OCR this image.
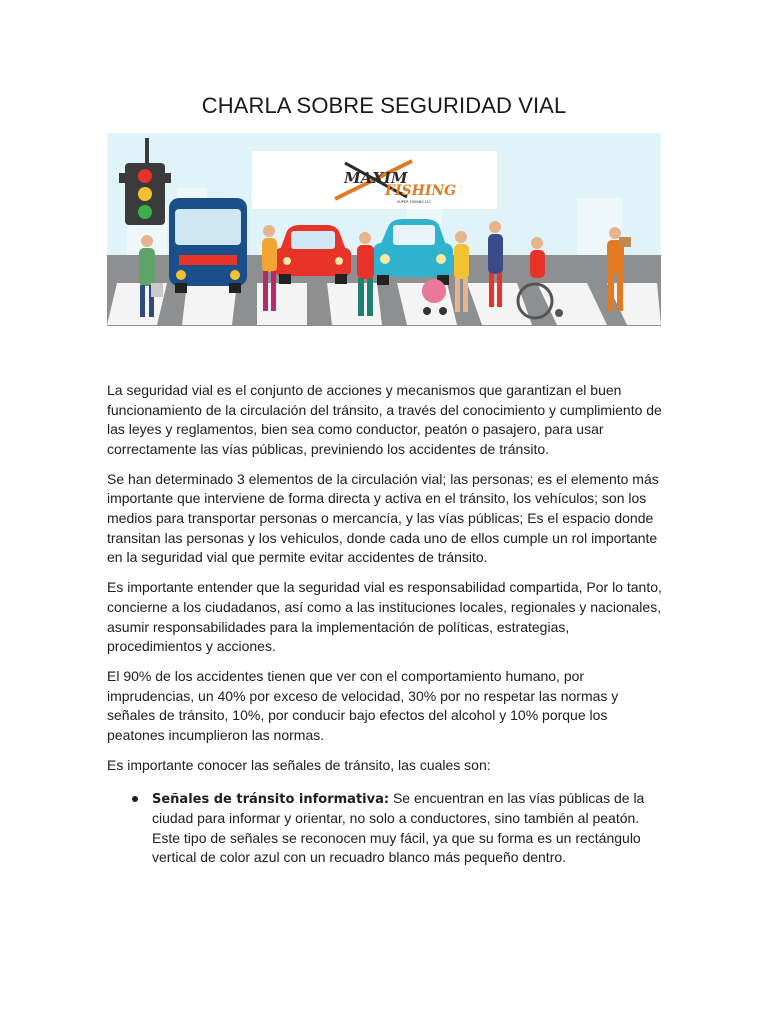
CHARLA SOBRE SEGURIDAD VIAL
MAXIM
FISHING
SUPER FISHING LLC

La seguridad vial es el conjunto de acciones y mecanismos que garantizan el buen funcionamiento de la circulación del tránsito, a través del conocimiento y cumplimiento de las leyes y reglamentos, bien sea como conductor, peatón o pasajero, para usar correctamente las vías públicas, previniendo los accidentes de tránsito.

Se han determinado 3 elementos de la circulación vial; las personas; es el elemento más importante que interviene de forma directa y activa en el tránsito, los vehículos; son los medios para transportar personas o mercancía, y las vías públicas; Es el espacio donde transitan las personas y los vehiculos, donde cada uno de ellos cumple un rol importante en la seguridad vial que permite evitar accidentes de tránsito.

Es importante entender que la seguridad vial es responsabilidad compartida, Por lo tanto, concierne a los ciudadanos, así como a las instituciones locales, regionales y nacionales, asumir responsabilidades para la implementación de políticas, estrategias, procedimientos y acciones.

El 90% de los accidentes tienen que ver con el comportamiento humano, por imprudencias, un 40% por exceso de velocidad, 30% por no respetar las normas y señales de tránsito, 10%, por conducir bajo efectos del alcohol y 10% porque los peatones incumplieron las normas.

Es importante conocer las señales de tránsito, las cuales son:

Señales de tránsito informativa: Se encuentran en las vías públicas de la ciudad para informar y orientar, no solo a conductores, sino también al peatón. Este tipo de señales se reconocen muy fácil, ya que su forma es un rectángulo vertical de color azul con un recuadro blanco más pequeño dentro.
